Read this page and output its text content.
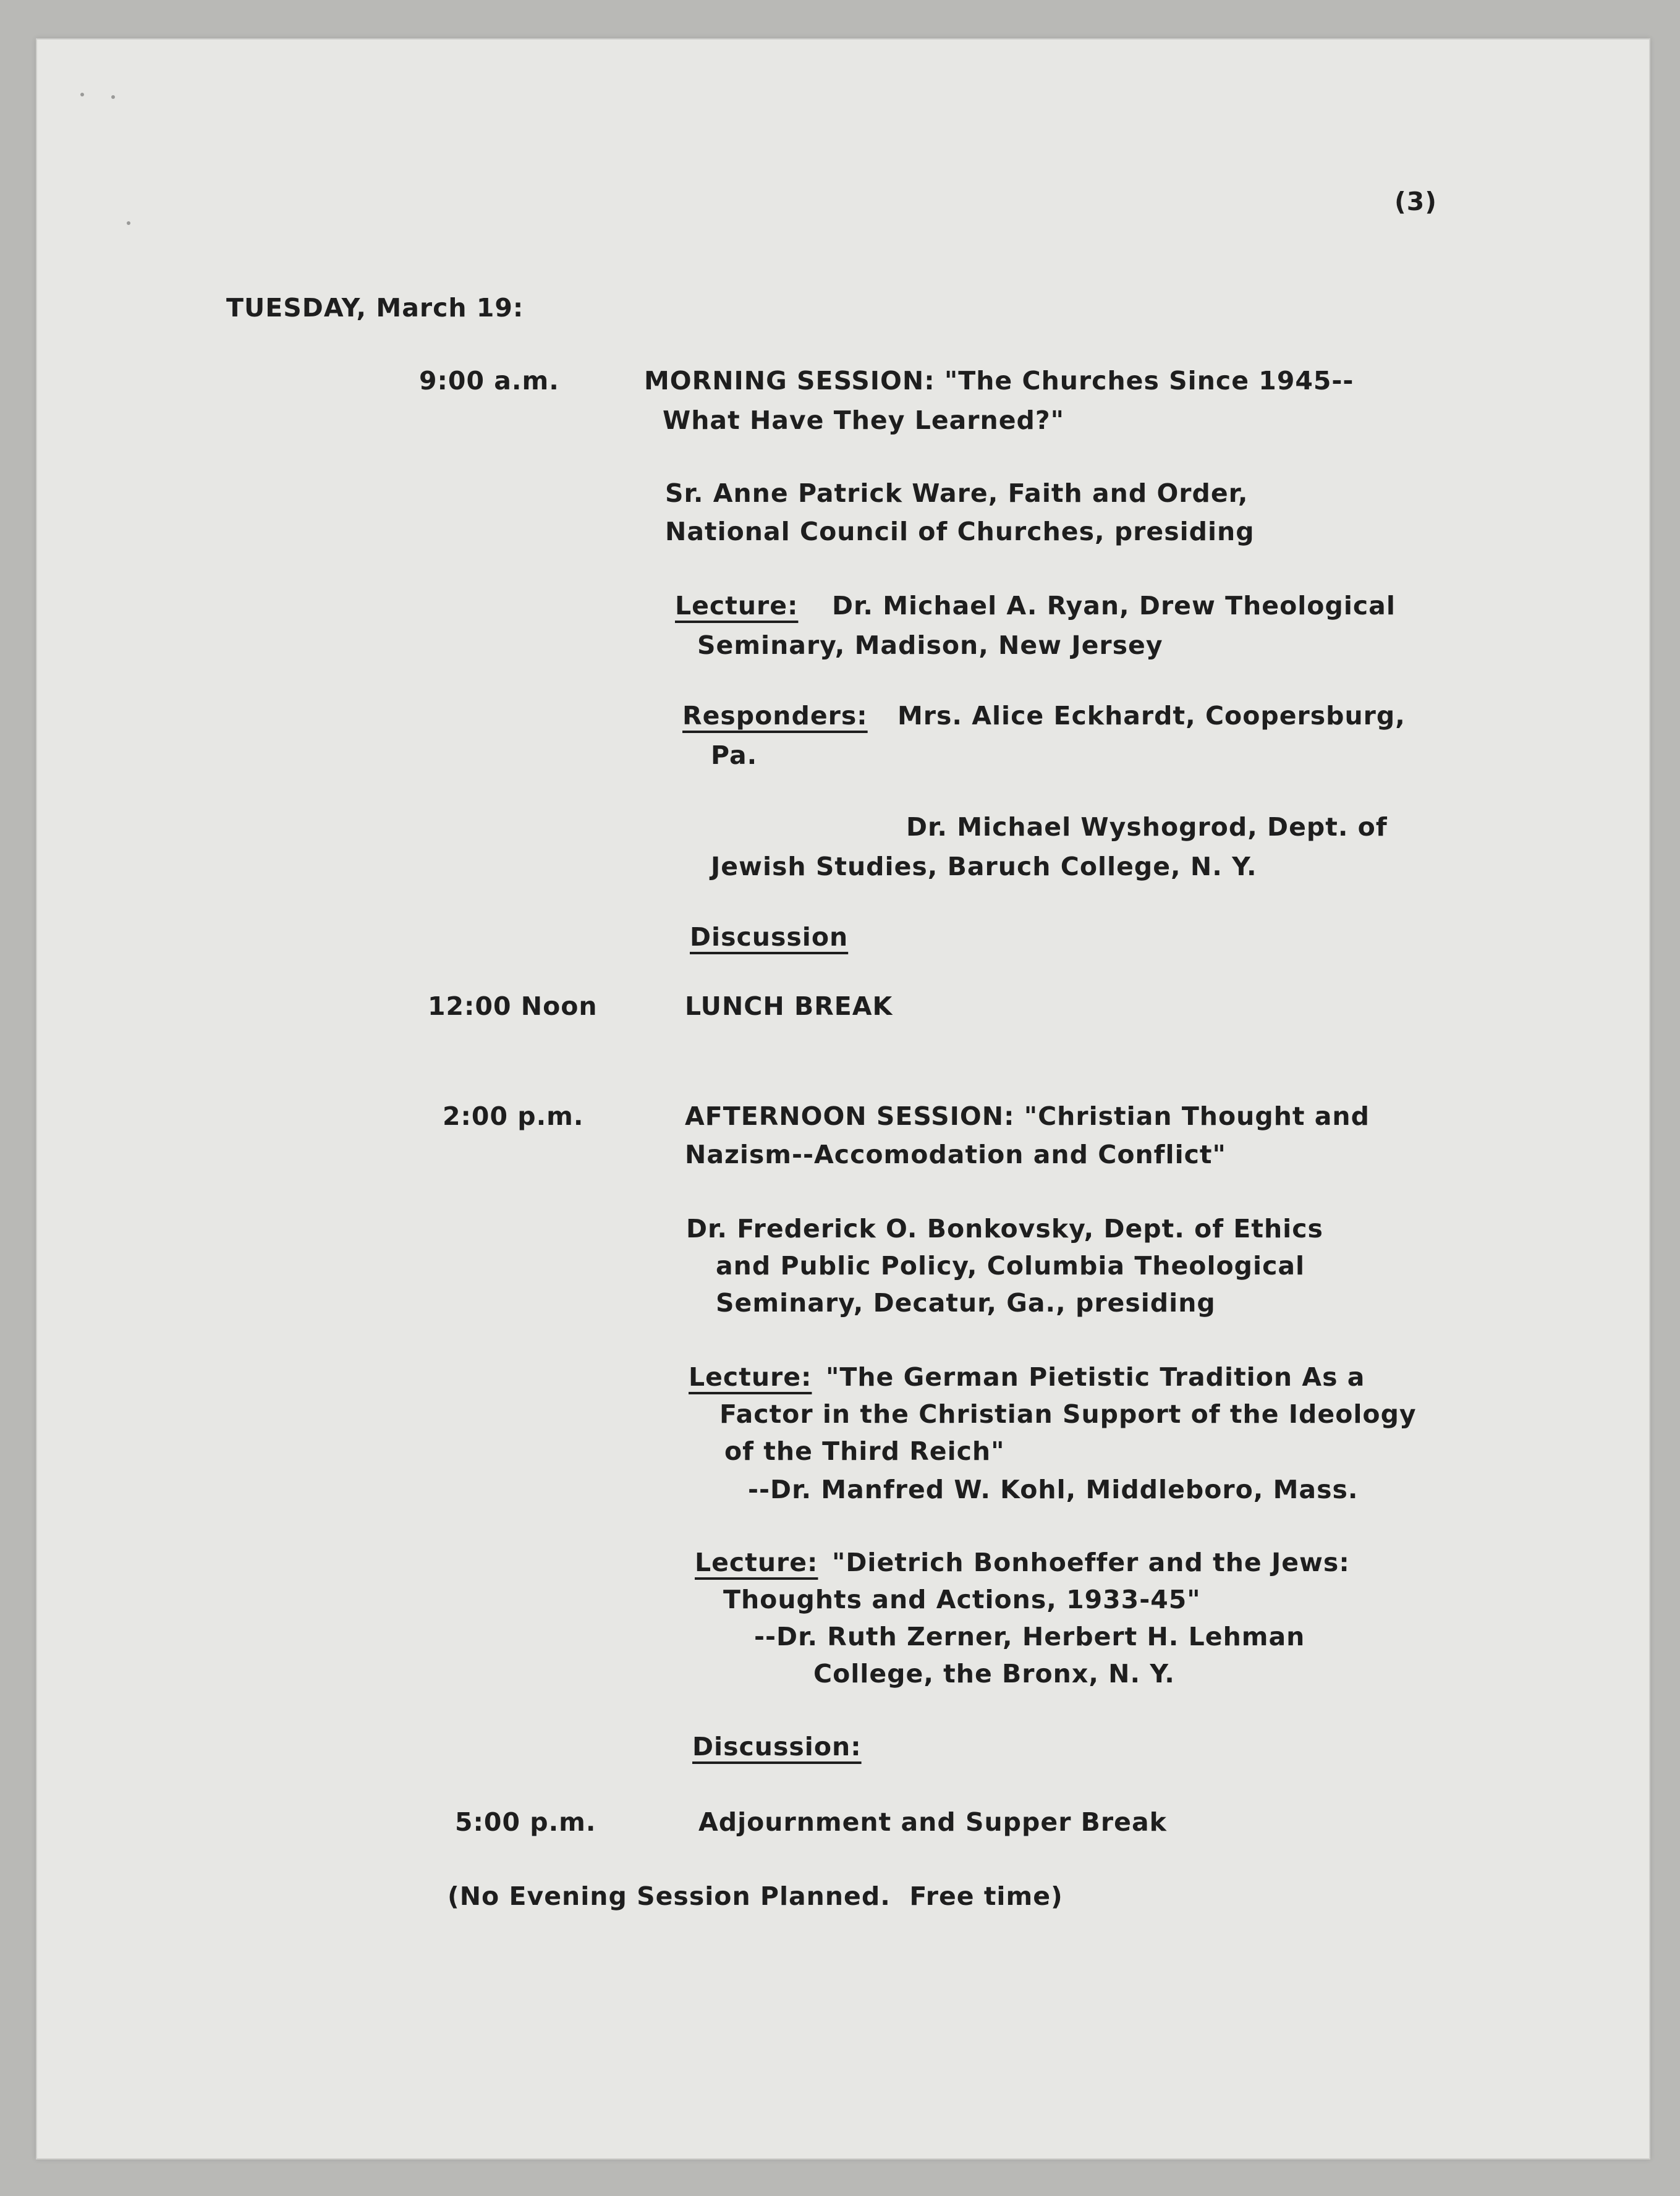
(3)
TUESDAY, March 19:
9:00 a.m.	MORNING SESSION: "The Churches Since 1945--
What Have They Learned?"
Sr. Anne Patrick Ware, Faith and Order,
National Council of Churches, presiding
Lecture: Dr. Michael A. Ryan, Drew Theological
Seminary, Madison, New Jersey
Responders: Mrs. Alice Eckhardt, Coopersburg,
Pa.
Dr. Michael Wyshogrod, Dept. of
Jewish Studies, Baruch College, N. Y.
Discussion
12:00 Noon	LUNCH BREAK
2:00 p.m.	AFTERNOON SESSION: "Christian Thought and
Nazism--Accomodation and Conflict"
Dr. Frederick O. Bonkovsky, Dept. of Ethics
and Public Policy, Columbia Theological
Seminary, Decatur, Ga., presiding
Lecture: "The German Pietistic Tradition As a
Factor in the Christian Support of the Ideology
of the Third Reich"
--Dr. Manfred W. Kohl, Middleboro, Mass.
Lecture: "Dietrich Bonhoeffer and the Jews:
Thoughts and Actions, 1933-45"
--Dr. Ruth Zerner, Herbert H. Lehman
College, the Bronx, N. Y.
Discussion:
5:00 p.m.	Adjournment and Supper Break
(No Evening Session Planned.  Free time)
